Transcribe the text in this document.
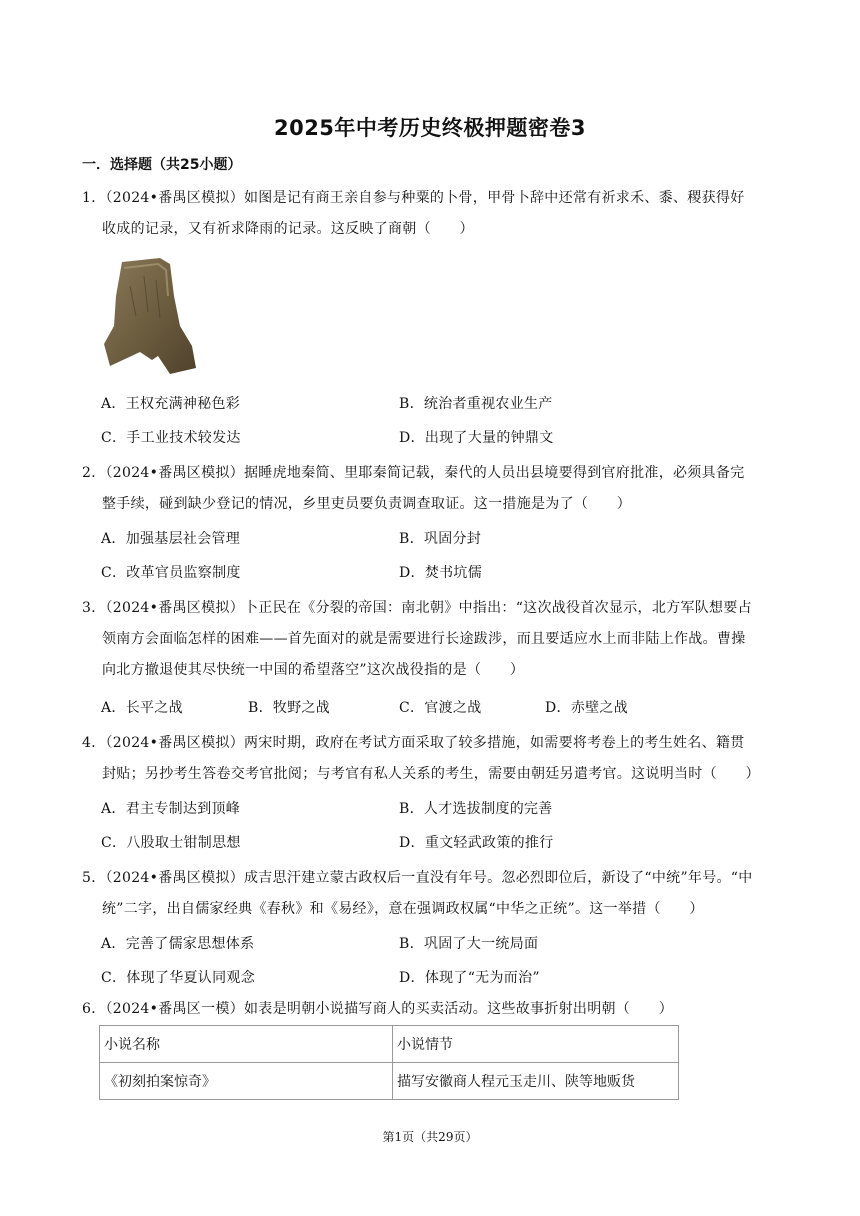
2025年中考历史终极押题密卷3
一．选择题（共25小题）
1．（2024•番禺区模拟）如图是记有商王亲自参与种粟的卜骨，甲骨卜辞中还常有祈求禾、黍、稷获得好
收成的记录，又有祈求降雨的记录。这反映了商朝（　　）
A．王权充满神秘色彩	B．统治者重视农业生产
C．手工业技术较发达	D．出现了大量的钟鼎文
2．（2024•番禺区模拟）据睡虎地秦简、里耶秦简记载，秦代的人员出县境要得到官府批准，必须具备完
整手续，碰到缺少登记的情况，乡里吏员要负责调查取证。这一措施是为了（　　）
A．加强基层社会管理	B．巩固分封
C．改革官员监察制度	D．焚书坑儒
3．（2024•番禺区模拟）卜正民在《分裂的帝国：南北朝》中指出：“这次战役首次显示，北方军队想要占
领南方会面临怎样的困难——首先面对的就是需要进行长途跋涉，而且要适应水上而非陆上作战。曹操
向北方撤退使其尽快统一中国的希望落空”这次战役指的是（　　）
A．长平之战	B．牧野之战	C．官渡之战	D．赤壁之战
4．（2024•番禺区模拟）两宋时期，政府在考试方面采取了较多措施，如需要将考卷上的考生姓名、籍贯
封贴；另抄考生答卷交考官批阅；与考官有私人关系的考生，需要由朝廷另遣考官。这说明当时（　　）
A．君主专制达到顶峰	B．人才选拔制度的完善
C．八股取士钳制思想	D．重文轻武政策的推行
5．（2024•番禺区模拟）成吉思汗建立蒙古政权后一直没有年号。忽必烈即位后，新设了“中统”年号。“中
统”二字，出自儒家经典《春秋》和《易经》，意在强调政权属“中华之正统”。这一举措（　　）
A．完善了儒家思想体系	B．巩固了大一统局面
C．体现了华夏认同观念	D．体现了“无为而治”
6．（2024•番禺区一模）如表是明朝小说描写商人的买卖活动。这些故事折射出明朝（　　）
小说名称	小说情节
《初刻拍案惊奇》	描写安徽商人程元玉走川、陕等地贩货
第1页（共29页）
